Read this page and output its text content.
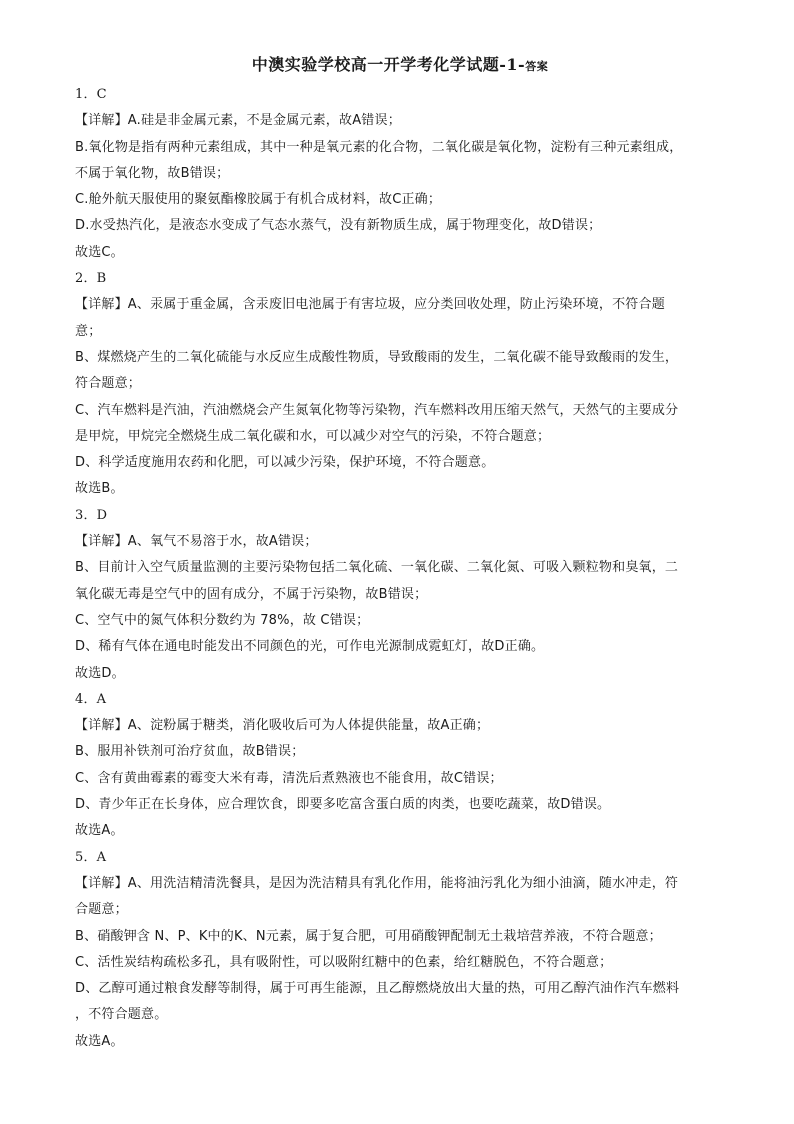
中澳实验学校高一开学考化学试题-1-答案
1．C
【详解】A.硅是非金属元素，不是金属元素，故A错误；
B.氧化物是指有两种元素组成，其中一种是氧元素的化合物，二氧化碳是氧化物，淀粉有三种元素组成，
不属于氧化物，故B错误；
C.舱外航天服使用的聚氨酯橡胶属于有机合成材料，故C正确；
D.水受热汽化，是液态水变成了气态水蒸气，没有新物质生成，属于物理变化，故D错误；
故选C。
2．B
【详解】A、汞属于重金属，含汞废旧电池属于有害垃圾，应分类回收处理，防止污染环境，不符合题
意；
B、煤燃烧产生的二氧化硫能与水反应生成酸性物质，导致酸雨的发生，二氧化碳不能导致酸雨的发生，
符合题意；
C、汽车燃料是汽油，汽油燃烧会产生氮氧化物等污染物，汽车燃料改用压缩天然气，天然气的主要成分
是甲烷，甲烷完全燃烧生成二氧化碳和水，可以减少对空气的污染，不符合题意；
D、科学适度施用农药和化肥，可以减少污染，保护环境，不符合题意。
故选B。
3．D
【详解】A、氧气不易溶于水，故A错误；
B、目前计入空气质量监测的主要污染物包括二氧化硫、一氧化碳、二氧化氮、可吸入颗粒物和臭氧，二
氧化碳无毒是空气中的固有成分，不属于污染物，故B错误；
C、空气中的氮气体积分数约为 78%，故 C错误；
D、稀有气体在通电时能发出不同颜色的光，可作电光源制成霓虹灯，故D正确。
故选D。
4．A
【详解】A、淀粉属于糖类，消化吸收后可为人体提供能量，故A正确；
B、服用补铁剂可治疗贫血，故B错误；
C、含有黄曲霉素的霉变大米有毒，清洗后煮熟液也不能食用，故C错误；
D、青少年正在长身体，应合理饮食，即要多吃富含蛋白质的肉类，也要吃蔬菜，故D错误。
故选A。
5．A
【详解】A、用洗洁精清洗餐具，是因为洗洁精具有乳化作用，能将油污乳化为细小油滴，随水冲走，符
合题意；
B、硝酸钾含 N、P、K中的K、N元素，属于复合肥，可用硝酸钾配制无土栽培营养液，不符合题意；
C、活性炭结构疏松多孔，具有吸附性，可以吸附红糖中的色素，给红糖脱色，不符合题意；
D、乙醇可通过粮食发酵等制得，属于可再生能源，且乙醇燃烧放出大量的热，可用乙醇汽油作汽车燃料
，不符合题意。
故选A。
